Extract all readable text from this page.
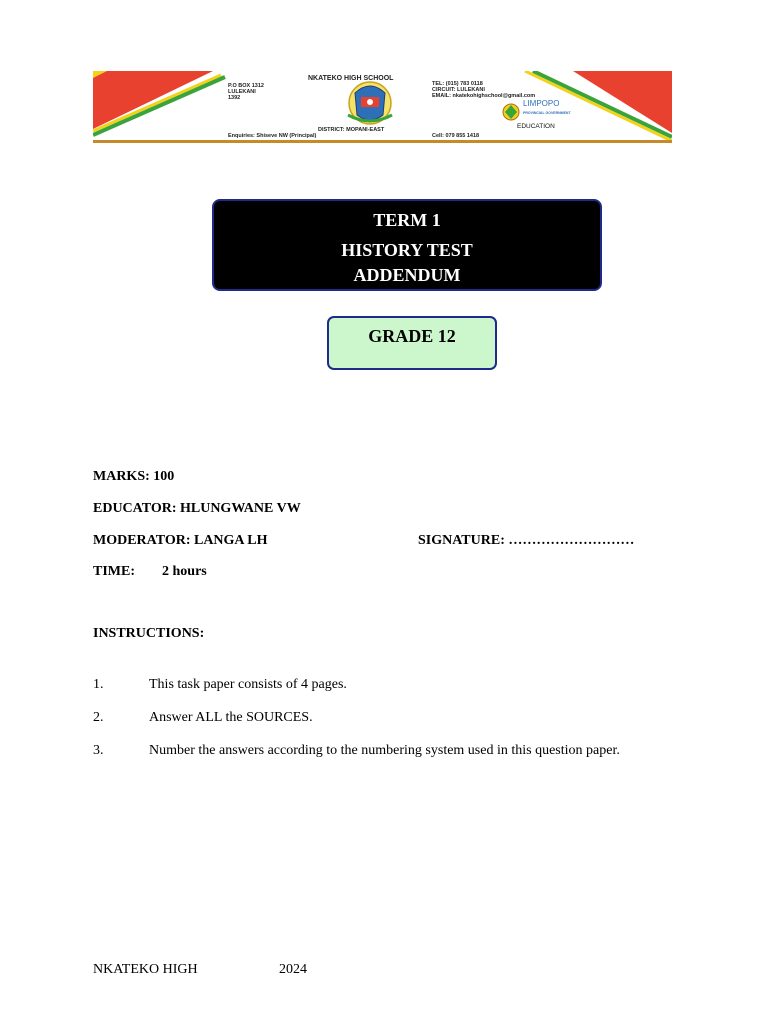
P.O BOX 1312
LULEKANI
1392
NKATEKO HIGH SCHOOL
DISTRICT: MOPANI-EAST
Enquiries: Shiseve NW (Principal)
TEL: (015) 783 0118
CIRCUIT: LULEKANI
EMAIL: nkatekohighschool@gmail.com
Cell: 079 855 1418
LIMPOPO
PROVINCIAL GOVERNMENT
EDUCATION
TERM 1
HISTORY TEST
ADDENDUM
GRADE 12
MARKS: 100
EDUCATOR: HLUNGWANE VW
MODERATOR: LANGA LH	SIGNATURE: ………………………
TIME: 2 hours
INSTRUCTIONS:
1.	This task paper consists of 4 pages.
2.	Answer ALL the SOURCES.
3.	Number the answers according to the numbering system used in this question paper.
NKATEKO HIGH	2024
